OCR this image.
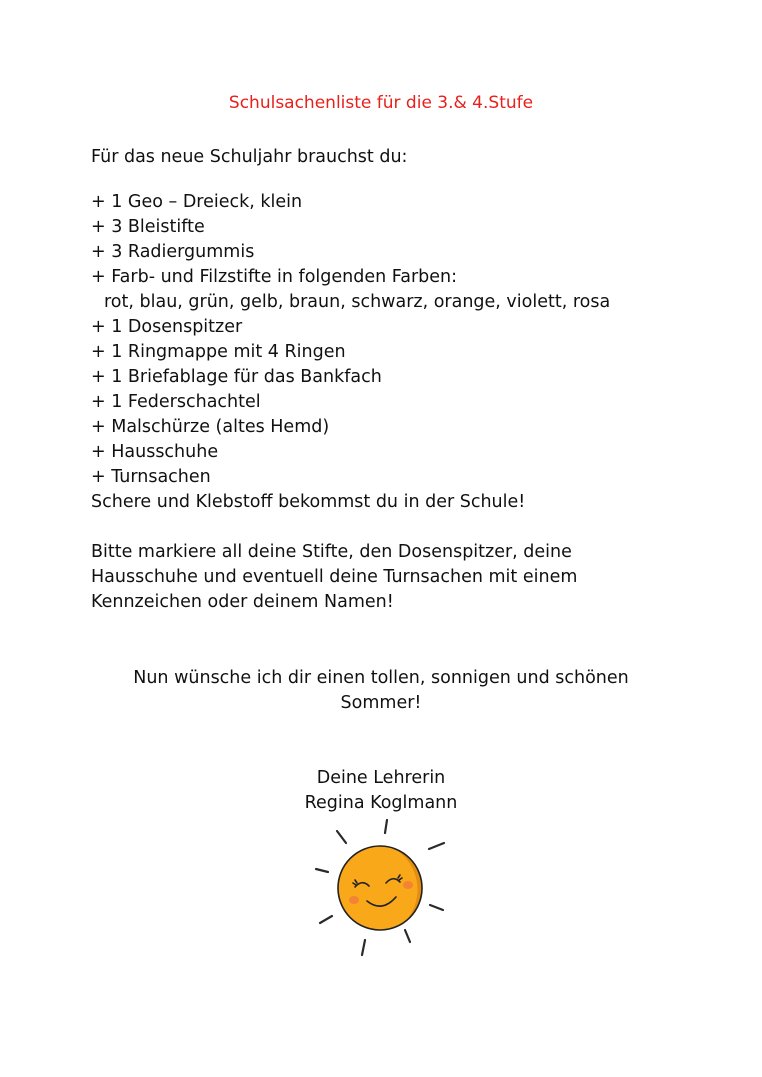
Schulsachenliste für die 3.& 4.Stufe
Für das neue Schuljahr brauchst du:
+ 1 Geo – Dreieck, klein
+ 3 Bleistifte
+ 3 Radiergummis
+ Farb- und Filzstifte in folgenden Farben:
rot, blau, grün, gelb, braun, schwarz, orange, violett, rosa
+ 1 Dosenspitzer
+ 1 Ringmappe mit 4 Ringen
+ 1 Briefablage für das Bankfach
+ 1 Federschachtel
+ Malschürze (altes Hemd)
+ Hausschuhe
+ Turnsachen
Schere und Klebstoff bekommst du in der Schule!
Bitte markiere all deine Stifte, den Dosenspitzer, deine
Hausschuhe und eventuell deine Turnsachen mit einem
Kennzeichen oder deinem Namen!
Nun wünsche ich dir einen tollen, sonnigen und schönen
Sommer!
Deine Lehrerin
Regina Koglmann
